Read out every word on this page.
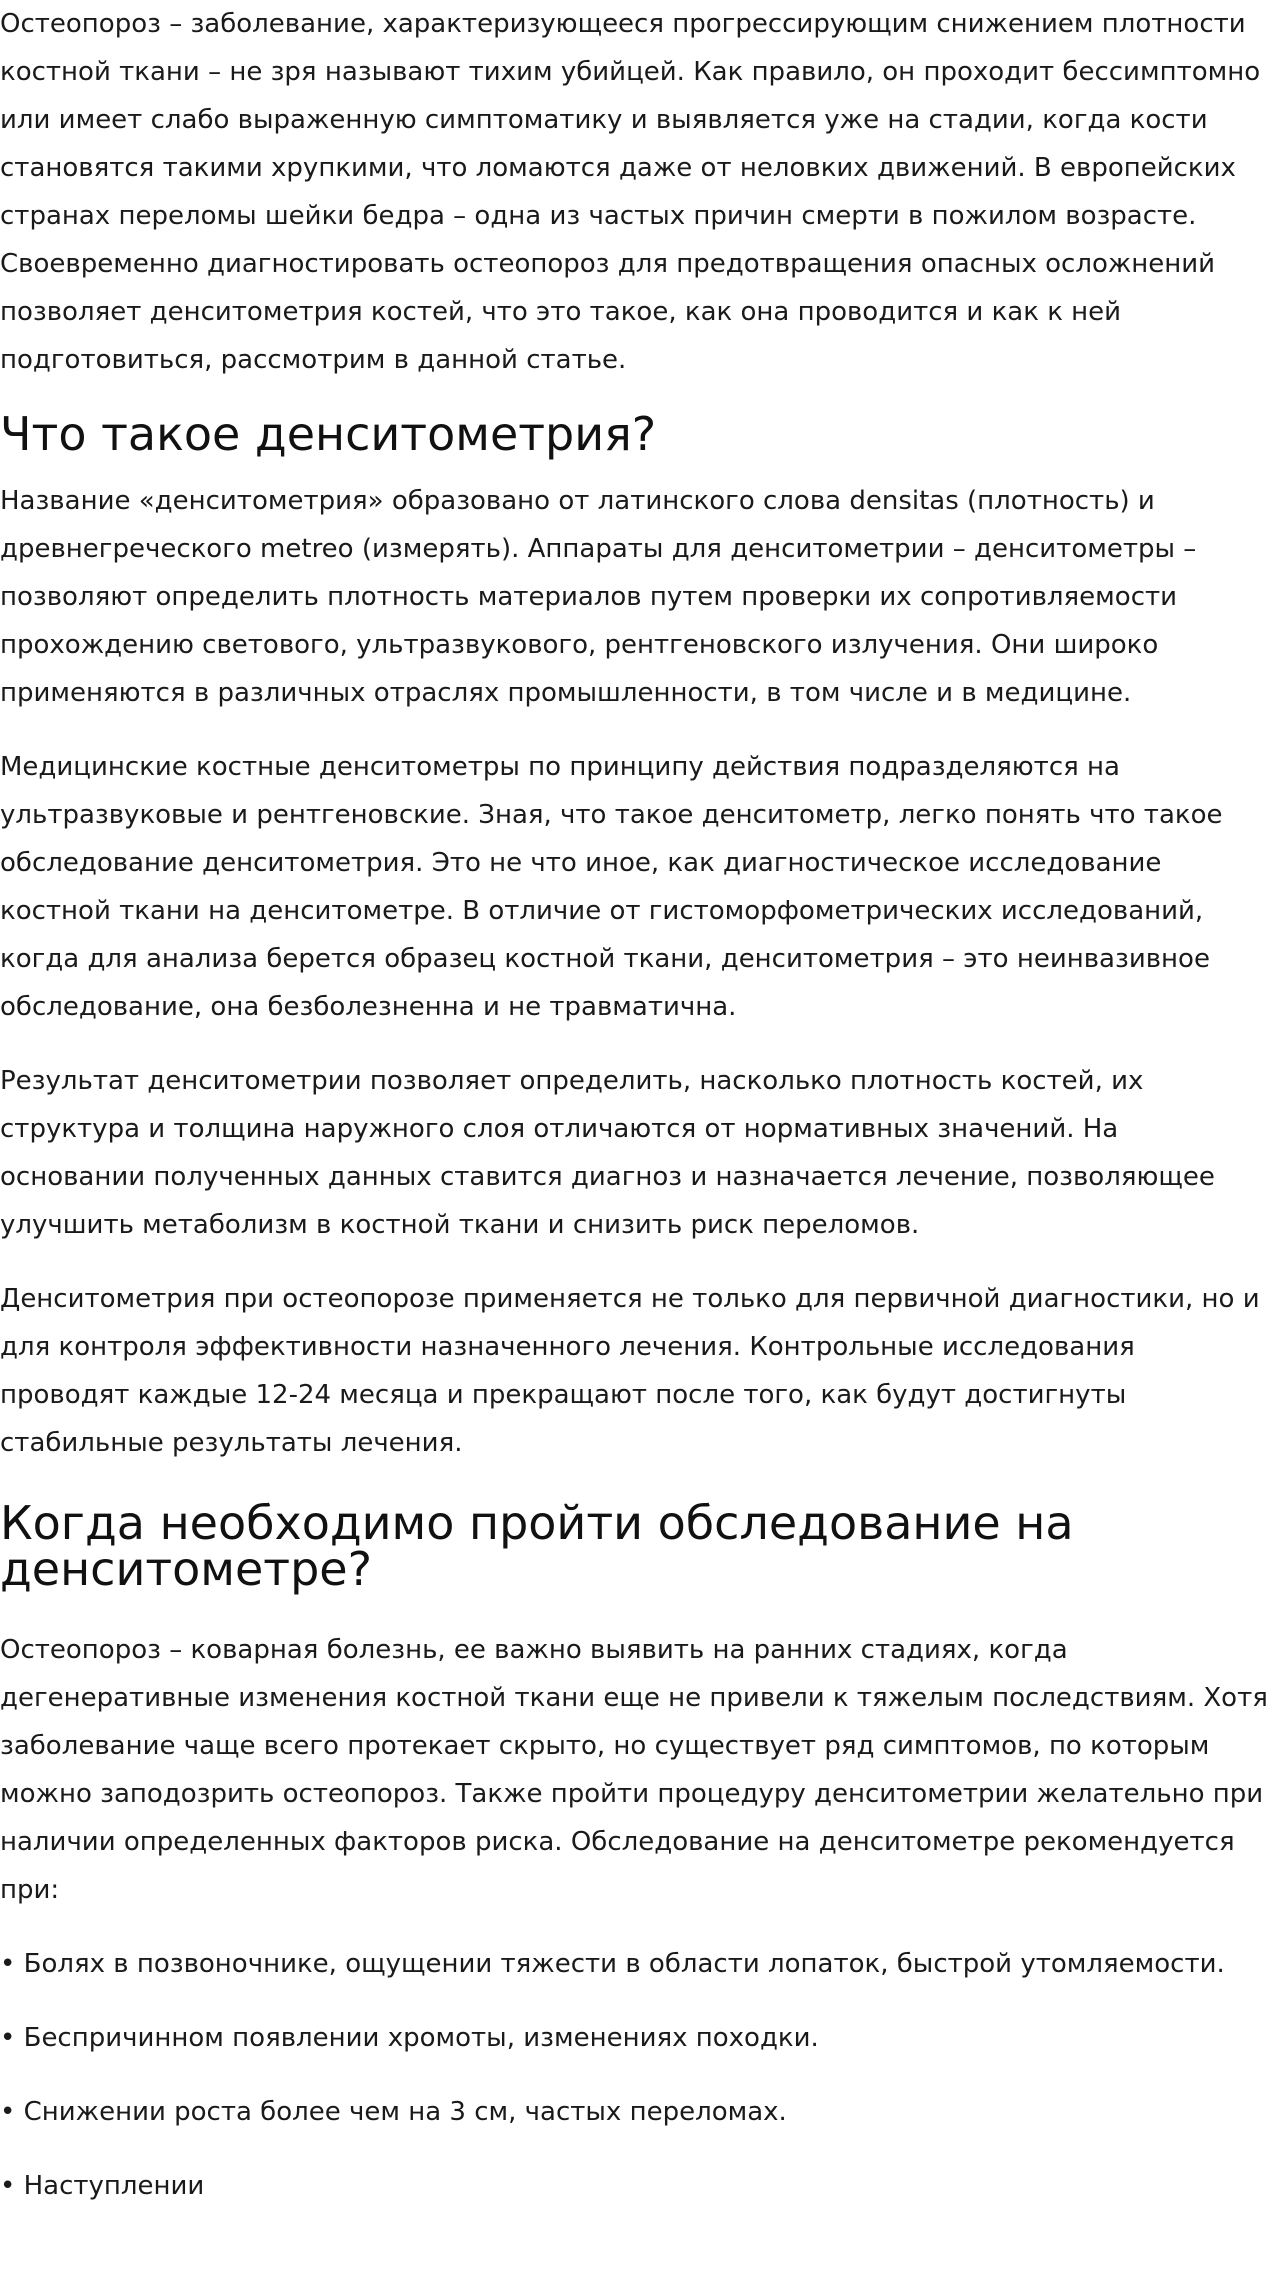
Остеопороз – заболевание, характеризующееся прогрессирующим снижением плотности костной ткани – не зря называют тихим убийцей. Как правило, он проходит бессимптомно или имеет слабо выраженную симптоматику и выявляется уже на стадии, когда кости становятся такими хрупкими, что ломаются даже от неловких движений. В европейских странах переломы шейки бедра – одна из частых причин смерти в пожилом возрасте. Своевременно диагностировать остеопороз для предотвращения опасных осложнений позволяет денситометрия костей, что это такое, как она проводится и как к ней подготовиться, рассмотрим в данной статье.

Что такое денситометрия?

Название «денситометрия» образовано от латинского слова densitas (плотность) и древнегреческого metreo (измерять). Аппараты для денситометрии – денситометры – позволяют определить плотность материалов путем проверки их сопротивляемости прохождению светового, ультразвукового, рентгеновского излучения. Они широко применяются в различных отраслях промышленности, в том числе и в медицине.

Медицинские костные денситометры по принципу действия подразделяются на ультразвуковые и рентгеновские. Зная, что такое денситометр, легко понять что такое обследование денситометрия. Это не что иное, как диагностическое исследование костной ткани на денситометре. В отличие от гистоморфометрических исследований, когда для анализа берется образец костной ткани, денситометрия – это неинвазивное обследование, она безболезненна и не травматична.

Результат денситометрии позволяет определить, насколько плотность костей, их структура и толщина наружного слоя отличаются от нормативных значений. На основании полученных данных ставится диагноз и назначается лечение, позволяющее улучшить метаболизм в костной ткани и снизить риск переломов.

Денситометрия при остеопорозе применяется не только для первичной диагностики, но и для контроля эффективности назначенного лечения. Контрольные исследования проводят каждые 12-24 месяца и прекращают после того, как будут достигнуты стабильные результаты лечения.

Когда необходимо пройти обследование на денситометре?

Остеопороз – коварная болезнь, ее важно выявить на ранних стадиях, когда дегенеративные изменения костной ткани еще не привели к тяжелым последствиям. Хотя заболевание чаще всего протекает скрыто, но существует ряд симптомов, по которым можно заподозрить остеопороз. Также пройти процедуру денситометрии желательно при наличии определенных факторов риска. Обследование на денситометре рекомендуется при:

• Болях в позвоночнике, ощущении тяжести в области лопаток, быстрой утомляемости.

• Беспричинном появлении хромоты, изменениях походки.

• Снижении роста более чем на 3 см, частых переломах.

• Наступлении
